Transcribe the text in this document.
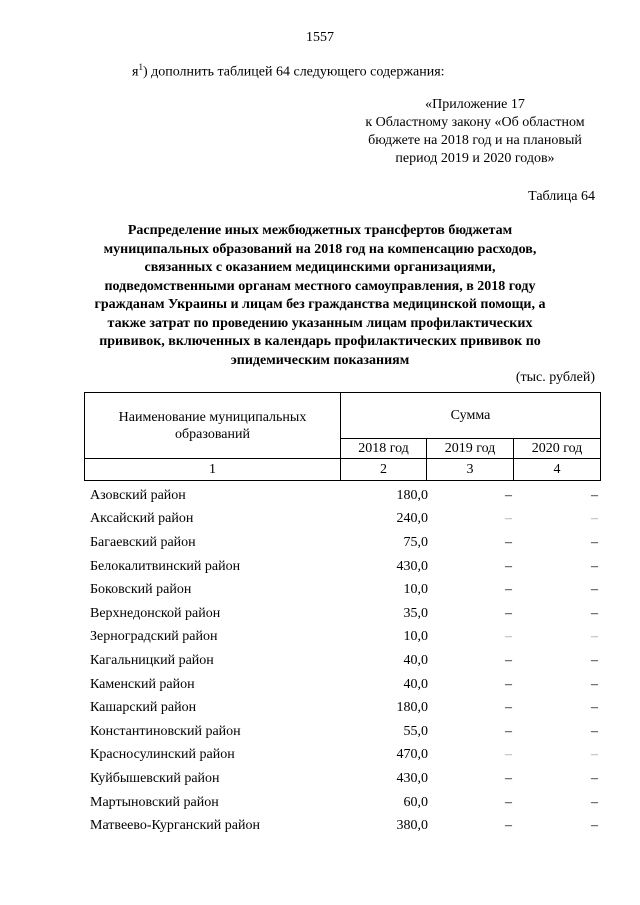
1557
$я^1$) дополнить таблицей 64 следующего содержания:
«Приложение 17
к Областному закону «Об областном
бюджете на 2018 год и на плановый
период 2019 и 2020 годов»
Таблица 64
Распределение иных межбюджетных трансфертов бюджетам
муниципальных образований на 2018 год на компенсацию расходов,
связанных с оказанием медицинскими организациями,
подведомственными органам местного самоуправления, в 2018 году
гражданам Украины и лицам без гражданства медицинской помощи, а
также затрат по проведению указанным лицам профилактических
прививок, включенных в календарь профилактических прививок по
эпидемическим показаниям
(тыс. рублей)
Наименование муниципальных образований	Сумма		
	2018 год	2019 год	2020 год
1	2	3	4
Азовский район	180,0	–	–
Аксайский район	240,0	–	–
Багаевский район	75,0	–	–
Белокалитвинский район	430,0	–	–
Боковский район	10,0	–	–
Верхнедонской район	35,0	–	–
Зерноградский район	10,0	–	–
Кагальницкий район	40,0	–	–
Каменский район	40,0	–	–
Кашарский район	180,0	–	–
Константиновский район	55,0	–	–
Красносулинский район	470,0	–	–
Куйбышевский район	430,0	–	–
Мартыновский район	60,0	–	–
Матвеево-Курганский район	380,0	–	–
